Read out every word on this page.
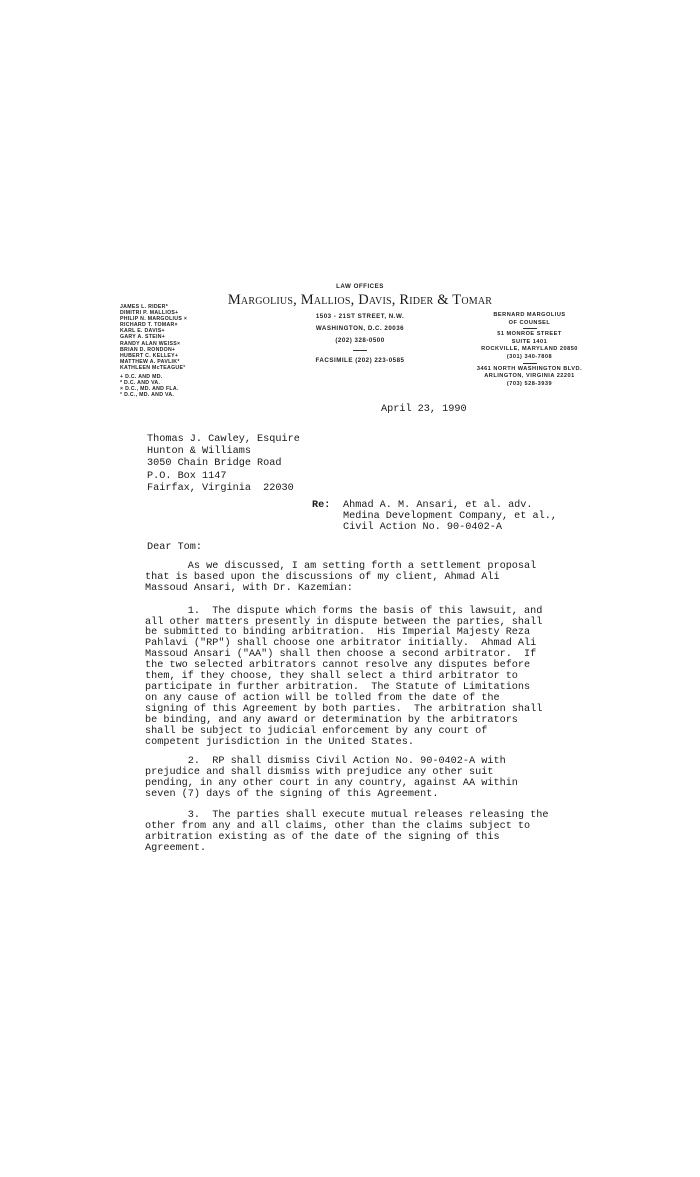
LAW OFFICES
Margolius, Mallios, Davis, Rider & Tomar
1503 - 21ST STREET, N.W.
WASHINGTON, D.C. 20036
(202) 328-0500
FACSIMILE (202) 223-0585
JAMES L. RIDER*
DIMITRI P. MALLIOS+
PHILIP N. MARGOLIUS ×
RICHARD T. TOMAR×
KARL E. DAVIS+
GARY A. STEIN+
RANDY ALAN WEISS×
BRIAN D. RONDON+
HUBERT C. KELLEY+
MATTHEW A. PAVLIK*
KATHLEEN McTEAGUE°
+ D.C. AND MD.
* D.C. AND VA.
× D.C., MD. AND FLA.
° D.C., MD. AND VA.
BERNARD MARGOLIUS
OF COUNSEL
51 MONROE STREET
SUITE 1401
ROCKVILLE, MARYLAND 20850
(301) 340-7808
3461 NORTH WASHINGTON BLVD.
ARLINGTON, VIRGINIA 22201
(703) 528-3939
April 23, 1990
Thomas J. Cawley, Esquire
Hunton & Williams
3050 Chain Bridge Road
P.O. Box 1147
Fairfax, Virginia  22030
Re: Ahmad A. M. Ansari, et al. adv.
Medina Development Company, et al.,
Civil Action No. 90-0402-A
Dear Tom:
As we discussed, I am setting forth a settlement proposal
that is based upon the discussions of my client, Ahmad Ali
Massoud Ansari, with Dr. Kazemian:
1.  The dispute which forms the basis of this lawsuit, and
all other matters presently in dispute between the parties, shall
be submitted to binding arbitration.  His Imperial Majesty Reza
Pahlavi ("RP") shall choose one arbitrator initially.  Ahmad Ali
Massoud Ansari ("AA") shall then choose a second arbitrator.  If
the two selected arbitrators cannot resolve any disputes before
them, if they choose, they shall select a third arbitrator to
participate in further arbitration.  The Statute of Limitations
on any cause of action will be tolled from the date of the
signing of this Agreement by both parties.  The arbitration shall
be binding, and any award or determination by the arbitrators
shall be subject to judicial enforcement by any court of
competent jurisdiction in the United States.
2.  RP shall dismiss Civil Action No. 90-0402-A with
prejudice and shall dismiss with prejudice any other suit
pending, in any other court in any country, against AA within
seven (7) days of the signing of this Agreement.
3.  The parties shall execute mutual releases releasing the
other from any and all claims, other than the claims subject to
arbitration existing as of the date of the signing of this
Agreement.
